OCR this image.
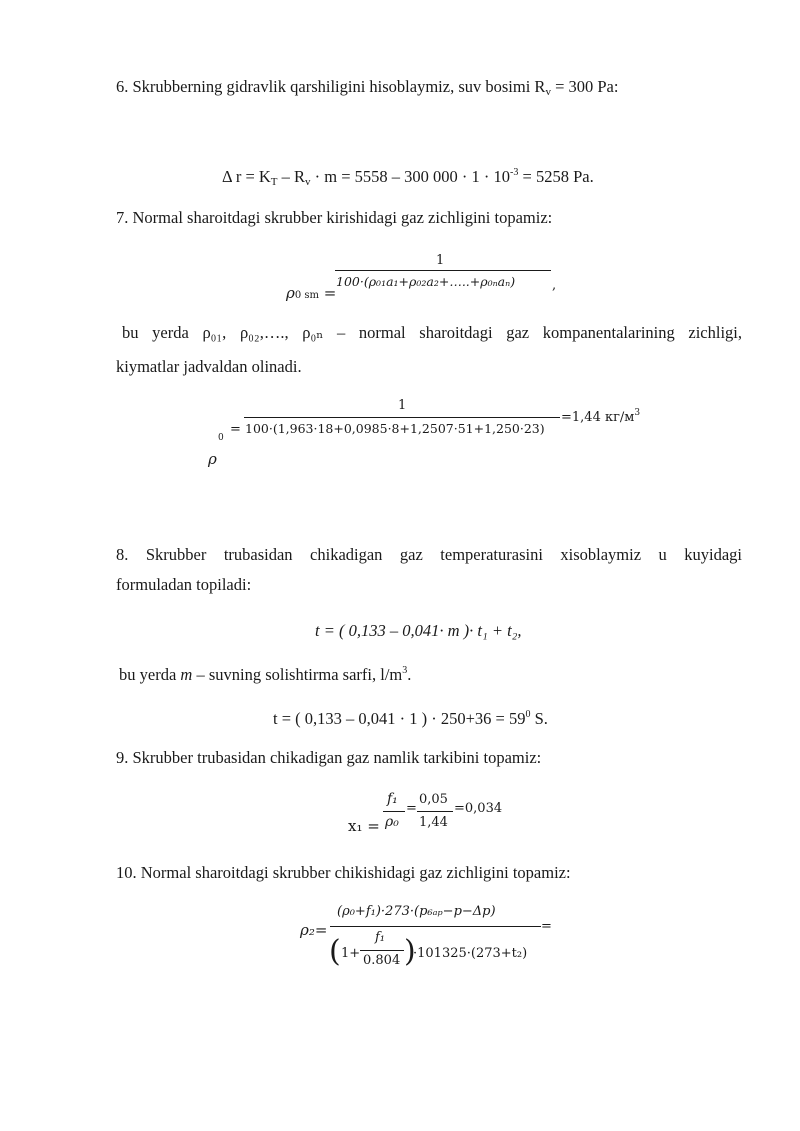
6. Skrubberning gidravlik qarshiligini hisoblaymiz, suv bosimi $R_v = 300$ Pa:
Δ $r = K_T - R_v \cdot m = 5558 - 300$ $000 \cdot 1 \cdot 10^{-3} = 5258$ Pa.
7. Normal sharoitdagi skrubber kirishidagi gaz zichligini topamiz:
ρ0 sm =
1
100·(ρ₀₁a₁+ρ₀₂a₂+…..+ρ₀ₙaₙ)	,
bu yerda ρ₀₁, ρ₀₂,…., ρ₀ₙ – normal sharoitdagi gaz kompanentalarining zichligi,
kiymatlar jadvaldan olinadi.
0
=
1
100·(1,963·18+0,0985·8+1,2507·51+1,250·23)
=1,44 $кг/м^3$
ρ
8. Skrubber trubasidan chikadigan gaz temperaturasini xisoblaymiz u kuyidagi
formuladan topiladi:
t = ( 0,133 – 0,041· m )· t₁ + t₂,
bu yerda m – suvning solishtirma sarfi, $l/m^3$.
t = ( 0,133 – 0,041 · 1 ) · $250+36 = 59^0$ S.
9. Skrubber trubasidan chikadigan gaz namlik tarkibini topamiz:
x₁ =
f₁
ρ₀
=
0,05
1,44
=0,034
10. Normal sharoitdagi skrubber chikishidagi gaz zichligini topamiz:
ρ₂=
(ρ₀+f₁)·273·(p₆ₐₚ−p−Δp)
( 1+
f₁
0.804 )
·101325·(273+t₂)
=
